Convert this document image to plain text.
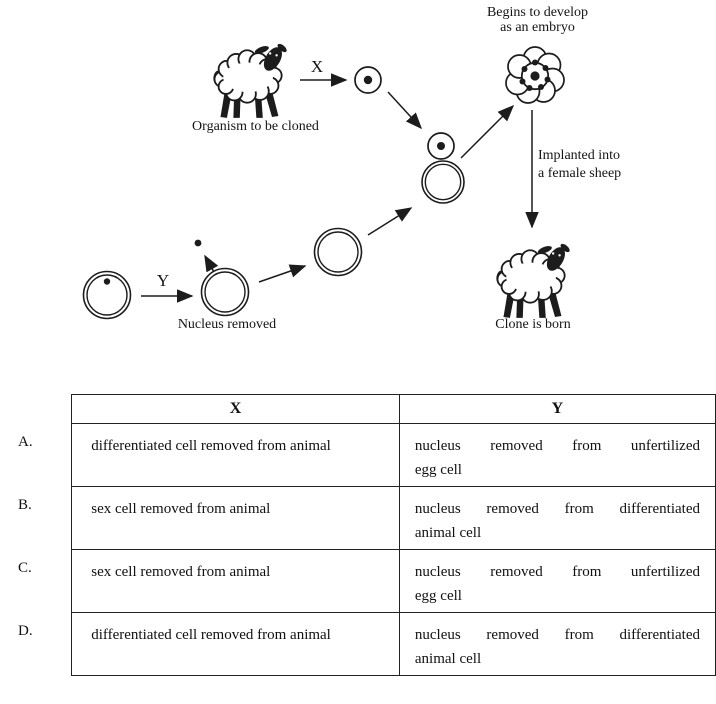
Begins to develop
as an embryo
X
Organism to be cloned
Implanted into
a female sheep
Y
Nucleus removed	Clone is born
	X	Y
A.	differentiated cell removed from animal	nucleus removed from unfertilized
egg cell

B.	sex cell removed from animal	nucleus removed from differentiated
animal cell

C.	sex cell removed from animal	nucleus removed from unfertilized
egg cell

D.	differentiated cell removed from animal	nucleus removed from differentiated
animal cell
